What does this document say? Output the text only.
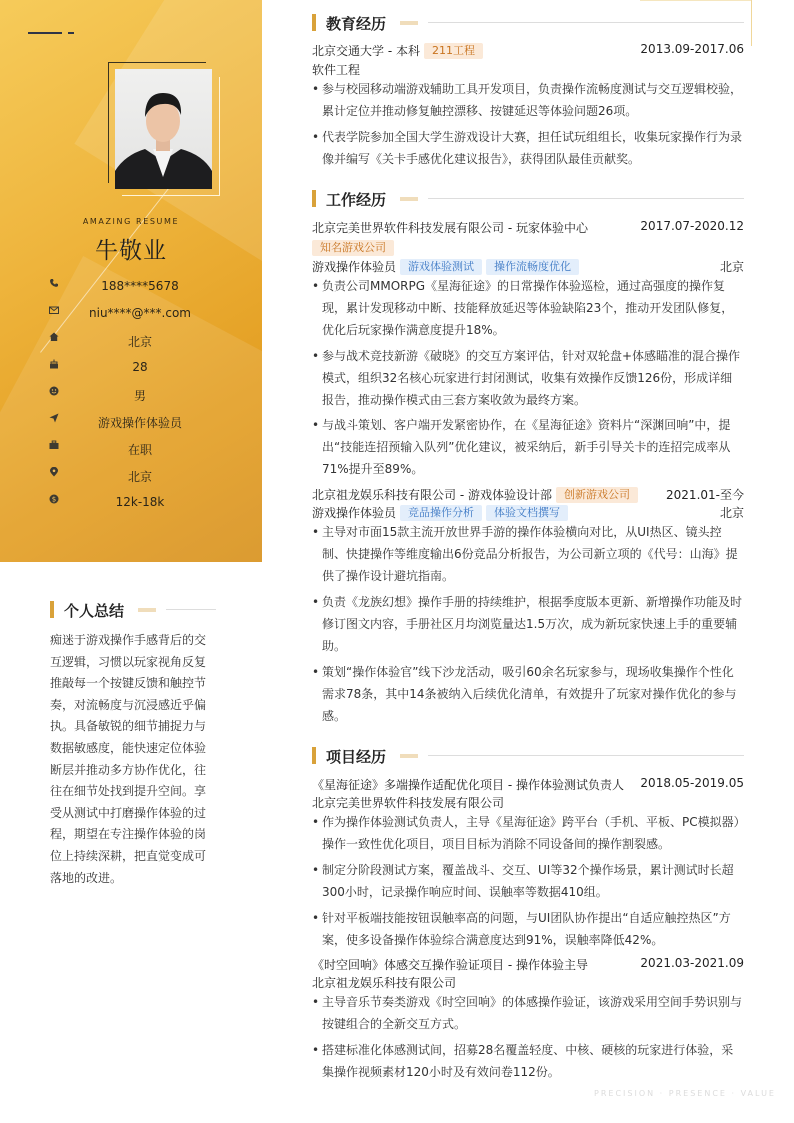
AMAZING RESUME
牛敬业
188****5678
niu****@***.com
北京
28
男
游戏操作体验员
在职
北京
$	12k-18k
个人总结
痴迷于游戏操作手感背后的交互逻辑，习惯以玩家视角反复推敲每一个按键反馈和触控节奏，对流畅度与沉浸感近乎偏执。具备敏锐的细节捕捉力与数据敏感度，能快速定位体验断层并推动多方协作优化，往往在细节处找到提升空间。享受从测试中打磨操作体验的过程，期望在专注操作体验的岗位上持续深耕，把直觉变成可落地的改进。
教育经历
北京交通大学 - 本科 211工程	2013.09-2017.06
软件工程
• 参与校园移动端游戏辅助工具开发项目，负责操作流畅度测试与交互逻辑校验，累计定位并推动修复触控漂移、按键延迟等体验问题26项。
• 代表学院参加全国大学生游戏设计大赛，担任试玩组组长，收集玩家操作行为录像并编写《关卡手感优化建议报告》，获得团队最佳贡献奖。
工作经历
北京完美世界软件科技发展有限公司 - 玩家体验中心	2017.07-2020.12
知名游戏公司
游戏操作体验员 游戏体验测试 操作流畅度优化	北京
• 负责公司MMORPG《星海征途》的日常操作体验巡检，通过高强度的操作复现，累计发现移动中断、技能释放延迟等体验缺陷23个，推动开发团队修复，优化后玩家操作满意度提升18%。
• 参与战术竞技新游《破晓》的交互方案评估，针对双轮盘+体感瞄准的混合操作模式，组织32名核心玩家进行封闭测试，收集有效操作反馈126份，形成详细报告，推动操作模式由三套方案收敛为最终方案。
• 与战斗策划、客户端开发紧密协作，在《星海征途》资料片“深渊回响”中，提出“技能连招预输入队列”优化建议，被采纳后，新手引导关卡的连招完成率从71%提升至89%。
北京祖龙娱乐科技有限公司 - 游戏体验设计部 创新游戏公司	2021.01-至今
游戏操作体验员 竞品操作分析 体验文档撰写	北京
• 主导对市面15款主流开放世界手游的操作体验横向对比，从UI热区、镜头控制、快捷操作等维度输出6份竞品分析报告，为公司新立项的《代号：山海》提供了操作设计避坑指南。
• 负责《龙族幻想》操作手册的持续维护，根据季度版本更新、新增操作功能及时修订图文内容，手册社区月均浏览量达1.5万次，成为新玩家快速上手的重要辅助。
• 策划“操作体验官”线下沙龙活动，吸引60余名玩家参与，现场收集操作个性化需求78条，其中14条被纳入后续优化清单，有效提升了玩家对操作优化的参与感。
项目经历
《星海征途》多端操作适配优化项目 - 操作体验测试负责人 2018.05-2019.05
北京完美世界软件科技发展有限公司
• 作为操作体验测试负责人，主导《星海征途》跨平台（手机、平板、PC模拟器）操作一致性优化项目，项目目标为消除不同设备间的操作割裂感。
• 制定分阶段测试方案，覆盖战斗、交互、UI等32个操作场景，累计测试时长超300小时，记录操作响应时间、误触率等数据410组。
• 针对平板端技能按钮误触率高的问题，与UI团队协作提出“自适应触控热区”方案，使多设备操作体验综合满意度达到91%，误触率降低42%。
《时空回响》体感交互操作验证项目 - 操作体验主导	2021.03-2021.09
北京祖龙娱乐科技有限公司
• 主导音乐节奏类游戏《时空回响》的体感操作验证，该游戏采用空间手势识别与按键组合的全新交互方式。
• 搭建标准化体感测试间，招募28名覆盖轻度、中核、硬核的玩家进行体验，采集操作视频素材120小时及有效问卷112份。
PRECISION · PRESENCE · VALUE
